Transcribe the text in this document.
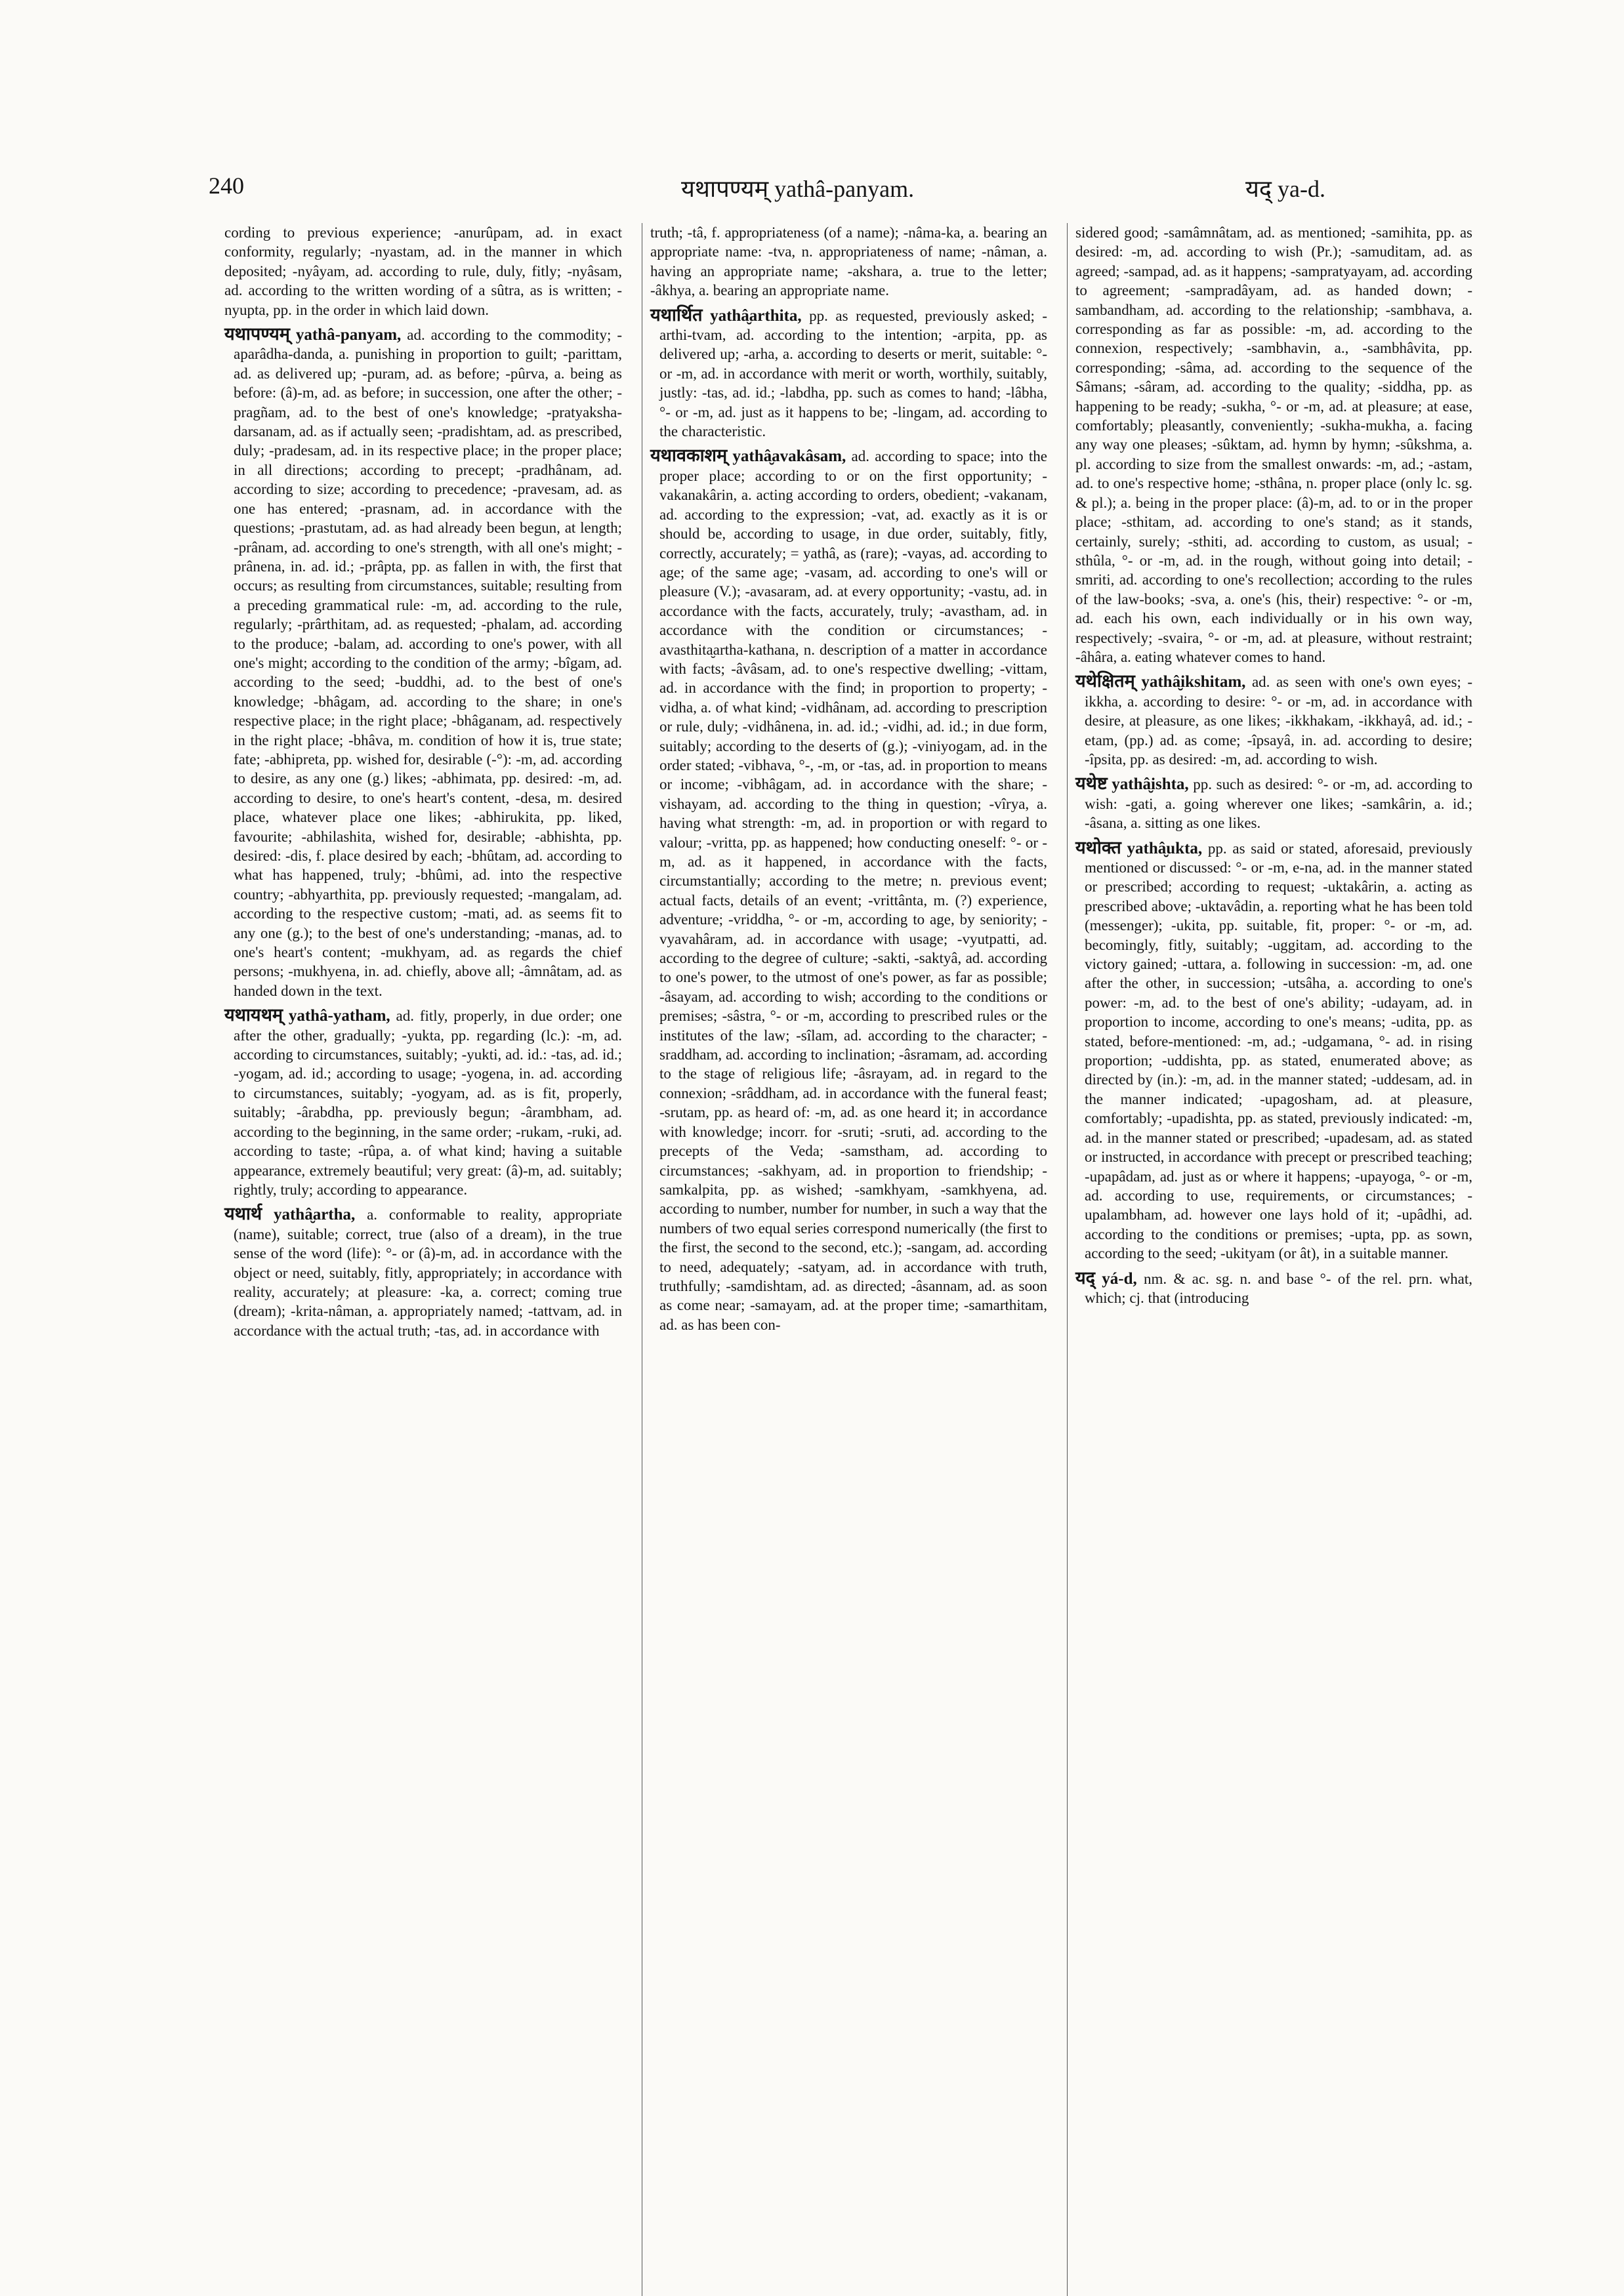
240	यथापण्यम् yathâ-panyam.	यद् ya-d.

cording to previous experience; -anurûpam, ad. in exact conformity, regularly; -nyastam, ad. in the manner in which deposited; -nyâyam, ad. according to rule, duly, fitly; -nyâsam, ad. according to the written wording of a sûtra, as is written; -nyupta, pp. in the order in which laid down.

यथापण्यम् yathâ-panyam, ad. according to the commodity; -aparâdha-danda, a. punishing in proportion to guilt; -parittam, ad. as delivered up; -puram, ad. as before; -pûrva, a. being as before: (â)-m, ad. as before; in succession, one after the other; -pragñam, ad. to the best of one's knowledge; -pratyaksha-darsanam, ad. as if actually seen; -pradishtam, ad. as prescribed, duly; -pradesam, ad. in its respective place; in the proper place; in all directions; according to precept; -pradhânam, ad. according to size; according to precedence; -pravesam, ad. as one has entered; -prasnam, ad. in accordance with the questions; -prastutam, ad. as had already been begun, at length; -prânam, ad. according to one's strength, with all one's might; -prânena, in. ad. id.; -prâpta, pp. as fallen in with, the first that occurs; as resulting from circumstances, suitable; resulting from a preceding grammatical rule: -m, ad. according to the rule, regularly; -prârthitam, ad. as requested; -phalam, ad. according to the produce; -balam, ad. according to one's power, with all one's might; according to the condition of the army; -bîgam, ad. according to the seed; -buddhi, ad. to the best of one's knowledge; -bhâgam, ad. according to the share; in one's respective place; in the right place; -bhâganam, ad. respectively in the right place; -bhâva, m. condition of how it is, true state; fate; -abhipreta, pp. wished for, desirable (-°): -m, ad. according to desire, as any one (g.) likes; -abhimata, pp. desired: -m, ad. according to desire, to one's heart's content, -desa, m. desired place, whatever place one likes; -abhirukita, pp. liked, favourite; -abhilashita, wished for, desirable; -abhishta, pp. desired: -dis, f. place desired by each; -bhûtam, ad. according to what has happened, truly; -bhûmi, ad. into the respective country; -abhyarthita, pp. previously requested; -mangalam, ad. according to the respective custom; -mati, ad. as seems fit to any one (g.); to the best of one's understanding; -manas, ad. to one's heart's content; -mukhyam, ad. as regards the chief persons; -mukhyena, in. ad. chiefly, above all; -âmnâtam, ad. as handed down in the text.

यथायथम् yathâ-yatham, ad. fitly, properly, in due order; one after the other, gradually; -yukta, pp. regarding (lc.): -m, ad. according to circumstances, suitably; -yukti, ad. id.: -tas, ad. id.; -yogam, ad. id.; according to usage; -yogena, in. ad. according to circumstances, suitably; -yogyam, ad. as is fit, properly, suitably; -ârabdha, pp. previously begun; -ârambham, ad. according to the beginning, in the same order; -rukam, -ruki, ad. according to taste; -rûpa, a. of what kind; having a suitable appearance, extremely beautiful; very great: (â)-m, ad. suitably; rightly, truly; according to appearance.

यथार्थ yathâ̮artha, a. conformable to reality, appropriate (name), suitable; correct, true (also of a dream), in the true sense of the word (life): °- or (â)-m, ad. in accordance with the object or need, suitably, fitly, appropriately; in accordance with reality, accurately; at pleasure: -ka, a. correct; coming true (dream); -krita-nâman, a. appropriately named; -tattvam, ad. in accordance with the actual truth; -tas, ad. in accordance with

truth; -tâ, f. appropriateness (of a name); -nâma-ka, a. bearing an appropriate name: -tva, n. appropriateness of name; -nâman, a. having an appropriate name; -akshara, a. true to the letter; -âkhya, a. bearing an appropriate name.

यथार्थित yathâ̮arthita, pp. as requested, previously asked; -arthi-tvam, ad. according to the intention; -arpita, pp. as delivered up; -arha, a. according to deserts or merit, suitable: °- or -m, ad. in accordance with merit or worth, worthily, suitably, justly: -tas, ad. id.; -labdha, pp. such as comes to hand; -lâbha, °- or -m, ad. just as it happens to be; -lingam, ad. according to the characteristic.

यथावकाशम् yathâ̮avakâsam, ad. according to space; into the proper place; according to or on the first opportunity; -vakanakârin, a. acting according to orders, obedient; -vakanam, ad. according to the expression; -vat, ad. exactly as it is or should be, according to usage, in due order, suitably, fitly, correctly, accurately; = yathâ, as (rare); -vayas, ad. according to age; of the same age; -vasam, ad. according to one's will or pleasure (V.); -avasaram, ad. at every opportunity; -vastu, ad. in accordance with the facts, accurately, truly; -avastham, ad. in accordance with the condition or circumstances; -avasthita̮artha-kathana, n. description of a matter in accordance with facts; -âvâsam, ad. to one's respective dwelling; -vittam, ad. in accordance with the find; in proportion to property; -vidha, a. of what kind; -vidhânam, ad. according to prescription or rule, duly; -vidhânena, in. ad. id.; -vidhi, ad. id.; in due form, suitably; according to the deserts of (g.); -viniyogam, ad. in the order stated; -vibhava, °-, -m, or -tas, ad. in proportion to means or income; -vibhâgam, ad. in accordance with the share; -vishayam, ad. according to the thing in question; -vîrya, a. having what strength: -m, ad. in proportion or with regard to valour; -vritta, pp. as happened; how conducting oneself: °- or -m, ad. as it happened, in accordance with the facts, circumstantially; according to the metre; n. previous event; actual facts, details of an event; -vrittânta, m. (?) experience, adventure; -vriddha, °- or -m, according to age, by seniority; -vyavahâram, ad. in accordance with usage; -vyutpatti, ad. according to the degree of culture; -sakti, -saktyâ, ad. according to one's power, to the utmost of one's power, as far as possible; -âsayam, ad. according to wish; according to the conditions or premises; -sâstra, °- or -m, according to prescribed rules or the institutes of the law; -sîlam, ad. according to the character; -sraddham, ad. according to inclination; -âsramam, ad. according to the stage of religious life; -âsrayam, ad. in regard to the connexion; -srâddham, ad. in accordance with the funeral feast; -srutam, pp. as heard of: -m, ad. as one heard it; in accordance with knowledge; incorr. for -sruti; -sruti, ad. according to the precepts of the Veda; -samstham, ad. according to circumstances; -sakhyam, ad. in proportion to friendship; -samkalpita, pp. as wished; -samkhyam, -samkhyena, ad. according to number, number for number, in such a way that the numbers of two equal series correspond numerically (the first to the first, the second to the second, etc.); -sangam, ad. according to need, adequately; -satyam, ad. in accordance with truth, truthfully; -samdishtam, ad. as directed; -âsannam, ad. as soon as come near; -samayam, ad. at the proper time; -samarthitam, ad. as has been con-

sidered good; -samâmnâtam, ad. as mentioned; -samihita, pp. as desired: -m, ad. according to wish (Pr.); -samuditam, ad. as agreed; -sampad, ad. as it happens; -sampratyayam, ad. according to agreement; -sampradâyam, ad. as handed down; -sambandham, ad. according to the relationship; -sambhava, a. corresponding as far as possible: -m, ad. according to the connexion, respectively; -sambhavin, a., -sambhâvita, pp. corresponding; -sâma, ad. according to the sequence of the Sâmans; -sâram, ad. according to the quality; -siddha, pp. as happening to be ready; -sukha, °- or -m, ad. at pleasure; at ease, comfortably; pleasantly, conveniently; -sukha-mukha, a. facing any way one pleases; -sûktam, ad. hymn by hymn; -sûkshma, a. pl. according to size from the smallest onwards: -m, ad.; -astam, ad. to one's respective home; -sthâna, n. proper place (only lc. sg. & pl.); a. being in the proper place: (â)-m, ad. to or in the proper place; -sthitam, ad. according to one's stand; as it stands, certainly, surely; -sthiti, ad. according to custom, as usual; -sthûla, °- or -m, ad. in the rough, without going into detail; -smriti, ad. according to one's recollection; according to the rules of the law-books; -sva, a. one's (his, their) respective: °- or -m, ad. each his own, each individually or in his own way, respectively; -svaira, °- or -m, ad. at pleasure, without restraint; -âhâra, a. eating whatever comes to hand.

यथेक्षितम् yathâ̮ikshitam, ad. as seen with one's own eyes; -ikkha, a. according to desire: °- or -m, ad. in accordance with desire, at pleasure, as one likes; -ikkhakam, -ikkhayâ, ad. id.; -etam, (pp.) ad. as come; -îpsayâ, in. ad. according to desire; -îpsita, pp. as desired: -m, ad. according to wish.

यथेष्ट yathâ̮ishta, pp. such as desired: °- or -m, ad. according to wish: -gati, a. going wherever one likes; -samkârin, a. id.; -âsana, a. sitting as one likes.

यथोक्त yathâ̮ukta, pp. as said or stated, aforesaid, previously mentioned or discussed: °- or -m, e-na, ad. in the manner stated or prescribed; according to request; -uktakârin, a. acting as prescribed above; -uktavâdin, a. reporting what he has been told (messenger); -ukita, pp. suitable, fit, proper: °- or -m, ad. becomingly, fitly, suitably; -uggitam, ad. according to the victory gained; -uttara, a. following in succession: -m, ad. one after the other, in succession; -utsâha, a. according to one's power: -m, ad. to the best of one's ability; -udayam, ad. in proportion to income, according to one's means; -udita, pp. as stated, before-mentioned: -m, ad.; -udgamana, °- ad. in rising proportion; -uddishta, pp. as stated, enumerated above; as directed by (in.): -m, ad. in the manner stated; -uddesam, ad. in the manner indicated; -upagosham, ad. at pleasure, comfortably; -upadishta, pp. as stated, previously indicated: -m, ad. in the manner stated or prescribed; -upadesam, ad. as stated or instructed, in accordance with precept or prescribed teaching; -upapâdam, ad. just as or where it happens; -upayoga, °- or -m, ad. according to use, requirements, or circumstances; -upalambham, ad. however one lays hold of it; -upâdhi, ad. according to the conditions or premises; -upta, pp. as sown, according to the seed; -ukityam (or ât), in a suitable manner.

यद् yá-d, nm. & ac. sg. n. and base °- of the rel. prn. what, which; cj. that (introducing
